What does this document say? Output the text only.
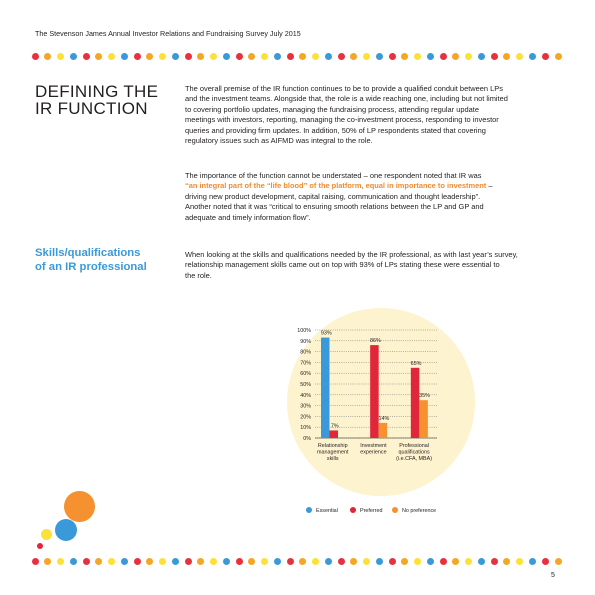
The Stevenson James Annual Investor Relations and Fundraising Survey July 2015
DEFINING THE
IR FUNCTION
The overall premise of the IR function continues to be to provide a qualified conduit between LPs
and the investment teams. Alongside that, the role is a wide reaching one, including but not limited
to covering portfolio updates, managing the fundraising process, attending regular update
meetings with investors, reporting, managing the co-investment process, responding to investor
queries and providing firm updates. In addition, 50% of LP respondents stated that covering
regulatory issues such as AIFMD was integral to the role.
The importance of the function cannot be understated – one respondent noted that IR was
“an integral part of the “life blood” of the platform, equal in importance to investment –
driving new product development, capital raising, communication and thought leadership”.
Another noted that it was “critical to ensuring smooth relations between the LP and GP and
adequate and timely information flow”.
Skills/qualifications
of an IR professional
When looking at the skills and qualifications needed by the IR professional, as with last year’s survey,
relationship management skills came out on top with 93% of LPs stating these were essential to
the role.
0%
10%
20%
30%
40%
50%
60%
70%
80%
90%
100% 93%
7%
Relationship
management
skills
86%
14%
Investment
experience
65%
35%
Professional
qualifications
(i.e.CFA, MBA)
Essential	Preferred	No preference
5
